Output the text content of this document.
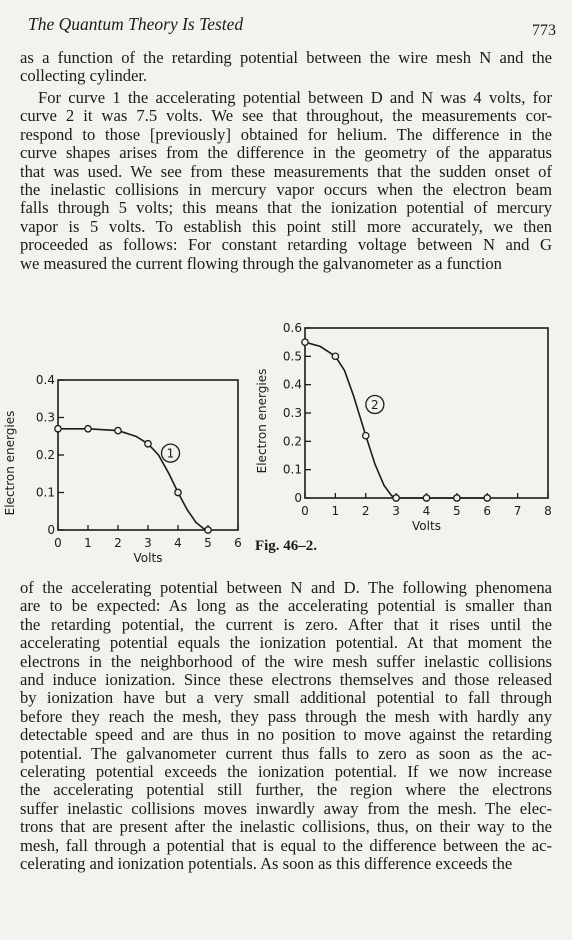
The Quantum Theory Is Tested	773
as a function of the retarding potential between the wire mesh N and the
collecting cylinder.
For curve 1 the accelerating potential between D and N was 4 volts, for
curve 2 it was 7.5 volts. We see that throughout, the measurements cor-
respond to those [previously] obtained for helium. The difference in the
curve shapes arises from the difference in the geometry of the apparatus
that was used. We see from these measurements that the sudden onset of
the inelastic collisions in mercury vapor occurs when the electron beam
falls through 5 volts; this means that the ionization potential of mercury
vapor is 5 volts. To establish this point still more accurately, we then
proceeded as follows: For constant retarding voltage between N and G
we measured the current flowing through the galvanometer as a function
0 1 2 3 4 5 6
0
0.1
0.2
0.3
0.4
Volts
Electron energies	1
0 1 2 3 4 5 6 7 8
0
0.1
0.2
0.3
0.4
0.5
0.6
Volts
Electron energies	2
Fig. 46–2.
of the accelerating potential between N and D. The following phenomena
are to be expected: As long as the accelerating potential is smaller than
the retarding potential, the current is zero. After that it rises until the
accelerating potential equals the ionization potential. At that moment the
electrons in the neighborhood of the wire mesh suffer inelastic collisions
and induce ionization. Since these electrons themselves and those released
by ionization have but a very small additional potential to fall through
before they reach the mesh, they pass through the mesh with hardly any
detectable speed and are thus in no position to move against the retarding
potential. The galvanometer current thus falls to zero as soon as the ac-
celerating potential exceeds the ionization potential. If we now increase
the accelerating potential still further, the region where the electrons
suffer inelastic collisions moves inwardly away from the mesh. The elec-
trons that are present after the inelastic collisions, thus, on their way to the
mesh, fall through a potential that is equal to the difference between the ac-
celerating and ionization potentials. As soon as this difference exceeds the
